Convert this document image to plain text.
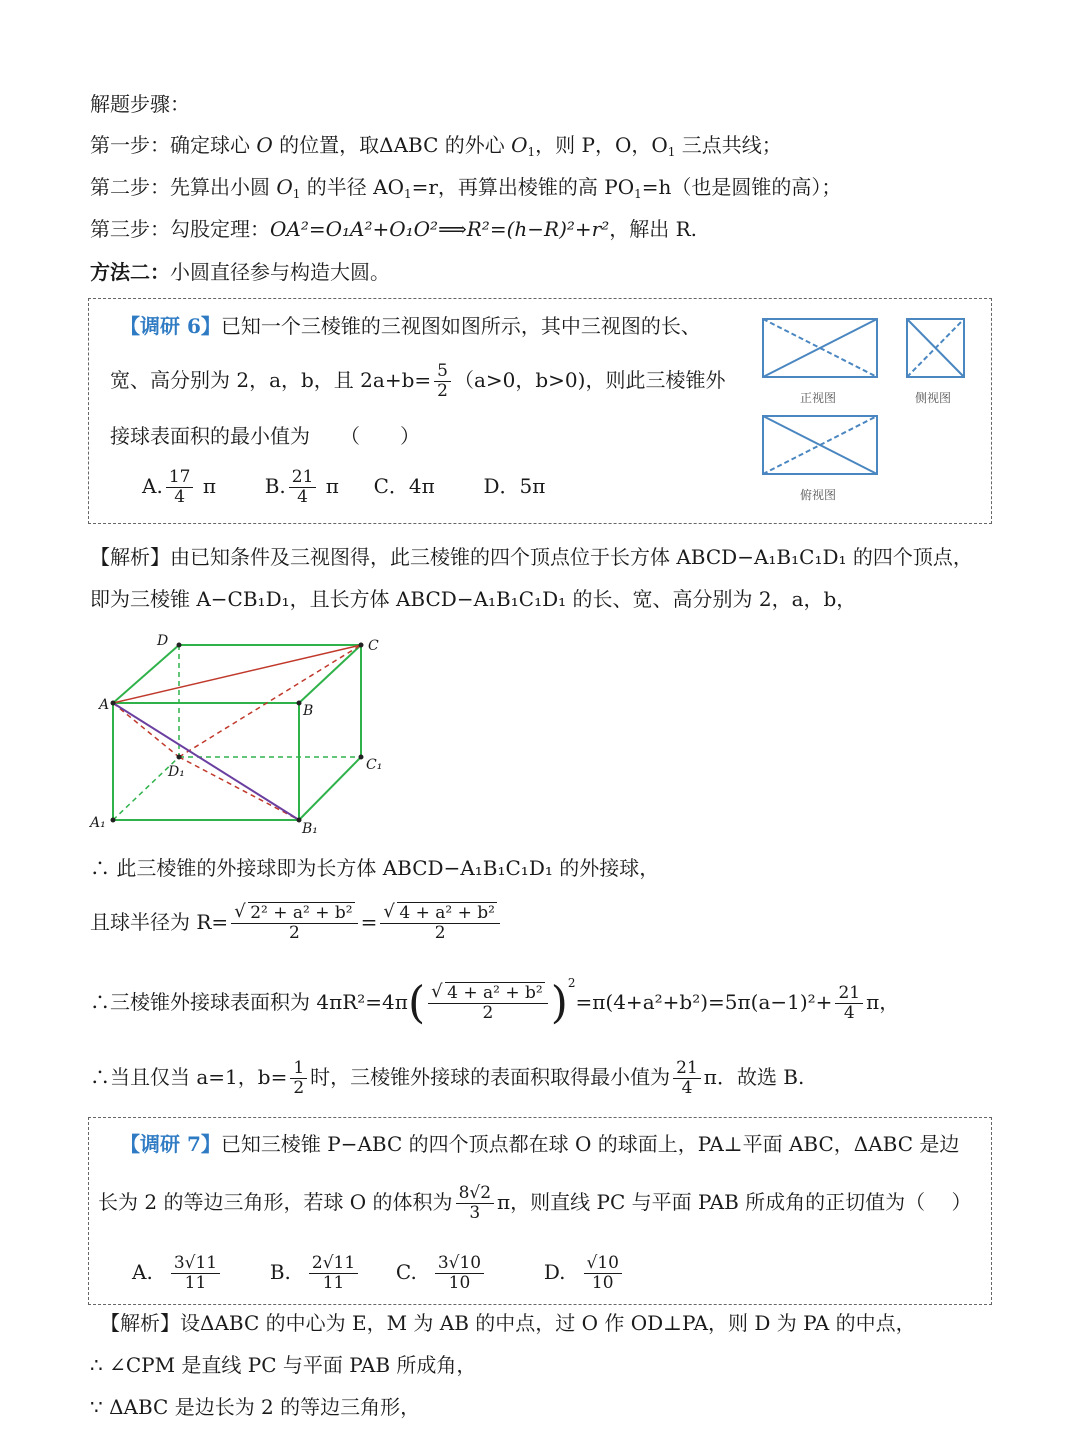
解题步骤：
第一步：确定球心 O 的位置，取ΔABC 的外心 $O_1$，则 P，O，$O_1$ 三点共线；
第二步：先算出小圆 $O_1$ 的半径 $AO_1=r$，再算出棱锥的高 $PO_1=h$（也是圆锥的高）；
第三步：勾股定理：OA²=O₁A²+O₁O²⟹R²=(h−R)²+r²，解出 R.
方法二：小圆直径参与构造大圆。
【调研 6】已知一个三棱锥的三视图如图所示，其中三视图的长、
宽、高分别为 2，a，b，且 $2a+b= \frac{5}{2} (a>0$，b>0)，则此三棱锥外
接球表面积的最小值为　　（　　）
A. $\frac{17}{4}$ π B. $\frac{21}{4}$ π C．4π D．5π
正视图	侧视图
俯视图
【解析】由已知条件及三视图得，此三棱锥的四个顶点位于长方体 ABCD−A₁B₁C₁D₁ 的四个顶点，
即为三棱锥 A−CB₁D₁，且长方体 ABCD−A₁B₁C₁D₁ 的长、宽、高分别为 2，a，b，
D	C
A	B
D₁	C₁
A₁	B₁
∴ 此三棱锥的外接球即为长方体 ABCD−A₁B₁C₁D₁ 的外接球，
且球半径为 R= √ $\frac{\text{2² + a² + b²}}{2}$ = √ $\frac{\text{4 + a² + b²}}{2}$
∴三棱锥外接球表面积为 4πR²=4π( √ $\frac{\text{4 + a² + b²}}{2} )^2=\pi(4+a^2+b^2)=5\pi(a-1)^2+ \frac{21}{4}$ π，
∴当且仅当 a=1，$b= \frac{1}{2}$ 时，三棱锥外接球的表面积取得最小值为 $\frac{21}{4}$ π．故选 B.
【调研 7】已知三棱锥 P−ABC 的四个顶点都在球 O 的球面上，PA⊥平面 ABC，ΔABC 是边
长为 2 的等边三角形，若球 O 的体积为 $\frac{8√2}{3}$ π，则直线 PC 与平面 PAB 所成角的正切值为（　 ）
A. $\frac{3√11}{11} B$. $\frac{2√11}{11} C$. $\frac{3√10}{10}$	D. $\frac{√10}{10}$
【解析】设ΔABC 的中心为 E，M 为 AB 的中点，过 O 作 OD⊥PA，则 D 为 PA 的中点，
∴ ∠CPM 是直线 PC 与平面 PAB 所成角，
∵ ΔABC 是边长为 2 的等边三角形，
